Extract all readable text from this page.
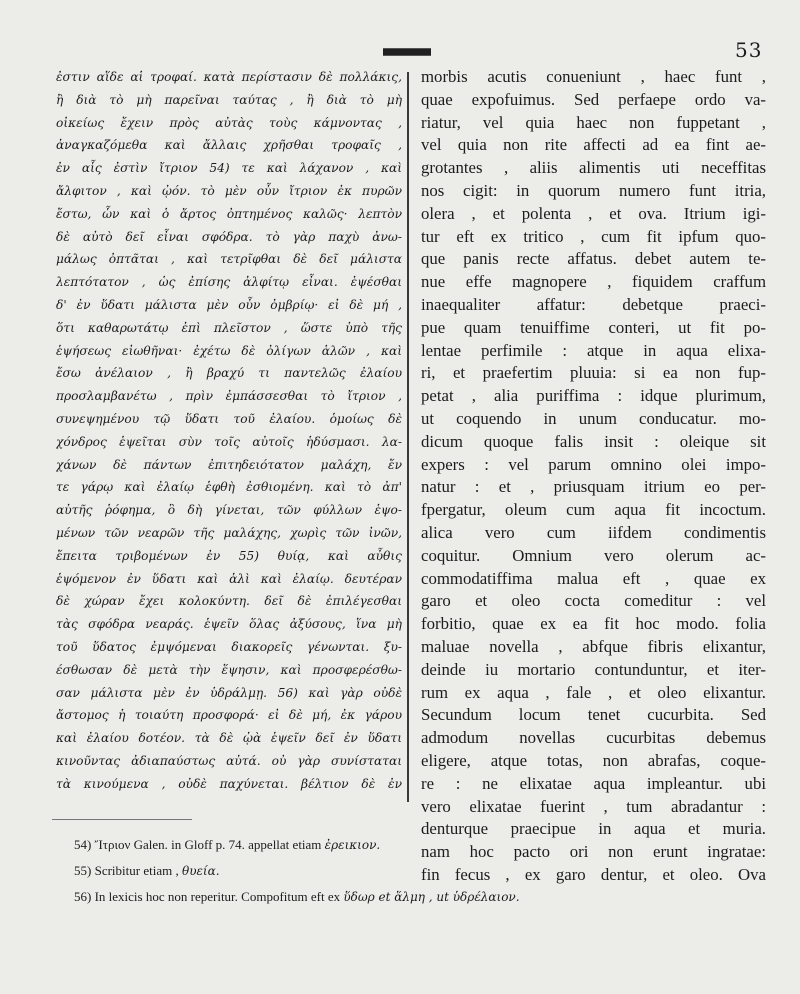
53
ἐστιν αἵδε αἱ τροφαί. κατὰ περίστασιν δὲ πολλάκις,
ἢ διὰ τὸ μὴ παρεῖναι ταύτας , ἢ διὰ τὸ μὴ
οἰκείως ἔχειν πρὸς αὐτὰς τοὺς κάμνοντας ,
ἀναγκαζόμεθα καὶ ἄλλαις χρῆσθαι τροφαῖς ,
ἐν αἷς ἐστὶν ἴτριον 54) τε καὶ λάχανον , καὶ
ἄλφιτον , καὶ ᾠόν. τὸ μὲν οὖν ἴτριον ἐκ πυρῶν
ἔστω, ὧν καὶ ὁ ἄρτος ὀπτημένος καλῶς· λεπτὸν
δὲ αὐτὸ δεῖ εἶναι σφόδρα. τὸ γὰρ παχὺ ἀνω-
μάλως ὀπτᾶται , καὶ τετρῖφθαι δὲ δεῖ μάλιστα
λεπτότατον , ὡς ἐπίσης ἀλφίτῳ εἶναι. ἑψέσθαι
δ' ἐν ὕδατι μάλιστα μὲν οὖν ὀμβρίῳ· εἰ δὲ μή ,
ὅτι καθαρωτάτῳ ἐπὶ πλεῖστον , ὥστε ὑπὸ τῆς
ἑψήσεως εἰωθῆναι· ἐχέτω δὲ ὀλίγων ἁλῶν , καὶ
ἔσω ἀνέλαιον , ἢ βραχύ τι παντελῶς ἐλαίου
προσλαμβανέτω , πρὶν ἐμπάσσεσθαι τὸ ἴτριον ,
συνεψημένου τῷ ὕδατι τοῦ ἐλαίου. ὁμοίως δὲ
χόνδρος ἑψεῖται σὺν τοῖς αὐτοῖς ἡδύσμασι. λα-
χάνων δὲ πάντων ἐπιτηδειότατον μαλάχη, ἔν
τε γάρῳ καὶ ἐλαίῳ ἑφθὴ ἐσθιομένη. καὶ τὸ ἀπ'
αὐτῆς ῥόφημα, ὃ δὴ γίνεται, τῶν φύλλων ἑψο-
μένων τῶν νεαρῶν τῆς μαλάχης, χωρὶς τῶν ἰνῶν,
ἔπειτα τριβομένων ἐν 55) θυίᾳ, καὶ αὖθις
ἑψόμενον ἐν ὕδατι καὶ ἁλὶ καὶ ἐλαίῳ. δευτέραν
δὲ χώραν ἔχει κολοκύντη. δεῖ δὲ ἐπιλέγεσθαι
τὰς σφόδρα νεαράς. ἑψεῖν ὅλας ἀξύσους, ἵνα μὴ
τοῦ ὕδατος ἐμψόμεναι διακορεῖς γένωνται. ξυ-
έσθωσαν δὲ μετὰ τὴν ἕψησιν, καὶ προσφερέσθω-
σαν μάλιστα μὲν ἐν ὑδράλμῃ. 56) καὶ γὰρ οὐδὲ
ἄστομος ἡ τοιαύτη προσφορά· εἰ δὲ μή, ἐκ γάρου
καὶ ἐλαίου δοτέον. τὰ δὲ ᾠὰ ἑψεῖν δεῖ ἐν ὕδατι
κινοῦντας ἀδιαπαύστως αὐτά. οὐ γὰρ συνίσταται
τὰ κινούμενα , οὐδὲ παχύνεται. βέλτιον δὲ ἐν
morbis acutis conueniunt , haec funt ,
quae expofuimus. Sed perfaepe ordo va-
riatur, vel quia haec non fuppetant ,
vel quia non rite affecti ad ea fint ae-
grotantes , aliis alimentis uti neceffitas
nos cigit: in quorum numero funt itria,
olera , et polenta , et ova. Itrium igi-
tur eft ex tritico , cum fit ipfum quo-
que panis recte affatus. debet autem te-
nue effe magnopere , fiquidem craffum
inaequaliter affatur: debetque praeci-
pue quam tenuiffime conteri, ut fit po-
lentae perfimile : atque in aqua elixa-
ri, et praefertim pluuia: si ea non fup-
petat , alia puriffima : idque plurimum,
ut coquendo in unum conducatur. mo-
dicum quoque falis insit : oleique sit
expers : vel parum omnino olei impo-
natur : et , priusquam itrium eo per-
fpergatur, oleum cum aqua fit incoctum.
alica vero cum iifdem condimentis
coquitur. Omnium vero olerum ac-
commodatiffima malua eft , quae ex
garo et oleo cocta comeditur : vel
forbitio, quae ex ea fit hoc modo. folia
maluae novella , abfque fibris elixantur,
deinde iu mortario contunduntur, et iter-
rum ex aqua , fale , et oleo elixantur.
Secundum locum tenet cucurbita. Sed
admodum novellas cucurbitas debemus
eligere, atque totas, non abrafas, coque-
re : ne elixatae aqua impleantur. ubi
vero elixatae fuerint , tum abradantur :
denturque praecipue in aqua et muria.
nam hoc pacto ori non erunt ingratae:
fin fecus , ex garo dentur, et oleo. Ova
54) Ἴτριον Galen. in Gloff p. 74. appellat etiam ἐρεικιον.
55) Scribitur etiam , θυεία.
56) In lexicis hoc non reperitur. Compofitum eft ex ὕδωρ et ἅλμη , ut ὑδρέλαιον.
